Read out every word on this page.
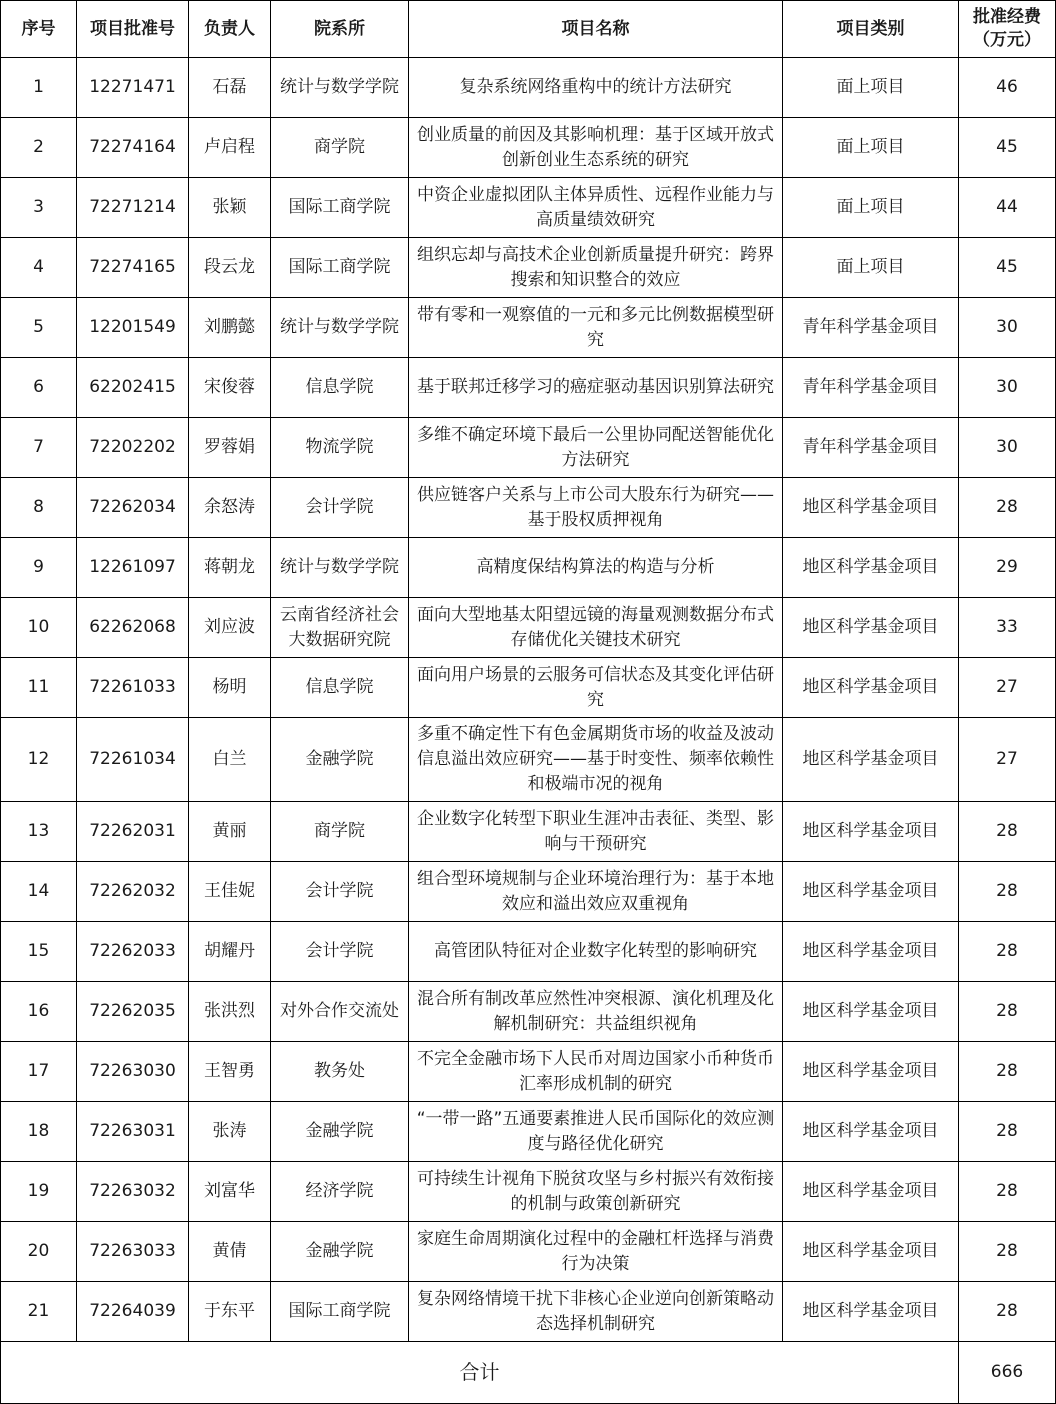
序号	项目批准号	负责人	院系所	项目名称	项目类别	批准经费
（万元）

1	12271471	石磊	统计与数学学院	复杂系统网络重构中的统计方法研究	面上项目	46
2	72274164	卢启程	商学院	创业质量的前因及其影响机理：基于区域开放式创新创业生态系统的研究	面上项目	45
3	72271214	张颖	国际工商学院	中资企业虚拟团队主体异质性、远程作业能力与高质量绩效研究	面上项目	44
4	72274165	段云龙	国际工商学院	组织忘却与高技术企业创新质量提升研究：跨界搜索和知识整合的效应	面上项目	45
5	12201549	刘鹏懿	统计与数学学院	带有零和一观察值的一元和多元比例数据模型研究	青年科学基金项目	30
6	62202415	宋俊蓉	信息学院	基于联邦迁移学习的癌症驱动基因识别算法研究	青年科学基金项目	30
7	72202202	罗蓉娟	物流学院	多维不确定环境下最后一公里协同配送智能优化方法研究	青年科学基金项目	30
8	72262034	余怒涛	会计学院	供应链客户关系与上市公司大股东行为研究——基于股权质押视角	地区科学基金项目	28
9	12261097	蒋朝龙	统计与数学学院	高精度保结构算法的构造与分析	地区科学基金项目	29
10	62262068	刘应波	云南省经济社会大数据研究院	面向大型地基太阳望远镜的海量观测数据分布式存储优化关键技术研究	地区科学基金项目	33
11	72261033	杨明	信息学院	面向用户场景的云服务可信状态及其变化评估研究	地区科学基金项目	27
12	72261034	白兰	金融学院	多重不确定性下有色金属期货市场的收益及波动信息溢出效应研究——基于时变性、频率依赖性和极端市况的视角	地区科学基金项目	27
13	72262031	黄丽	商学院	企业数字化转型下职业生涯冲击表征、类型、影响与干预研究	地区科学基金项目	28
14	72262032	王佳妮	会计学院	组合型环境规制与企业环境治理行为：基于本地效应和溢出效应双重视角	地区科学基金项目	28
15	72262033	胡耀丹	会计学院	高管团队特征对企业数字化转型的影响研究	地区科学基金项目	28
16	72262035	张洪烈	对外合作交流处	混合所有制改革应然性冲突根源、演化机理及化解机制研究：共益组织视角	地区科学基金项目	28
17	72263030	王智勇	教务处	不完全金融市场下人民币对周边国家小币种货币汇率形成机制的研究	地区科学基金项目	28
18	72263031	张涛	金融学院	“一带一路”五通要素推进人民币国际化的效应测度与路径优化研究	地区科学基金项目	28
19	72263032	刘富华	经济学院	可持续生计视角下脱贫攻坚与乡村振兴有效衔接的机制与政策创新研究	地区科学基金项目	28
20	72263033	黄倩	金融学院	家庭生命周期演化过程中的金融杠杆选择与消费行为决策	地区科学基金项目	28
21	72264039	于东平	国际工商学院	复杂网络情境干扰下非核心企业逆向创新策略动态选择机制研究	地区科学基金项目	28
合计						666
